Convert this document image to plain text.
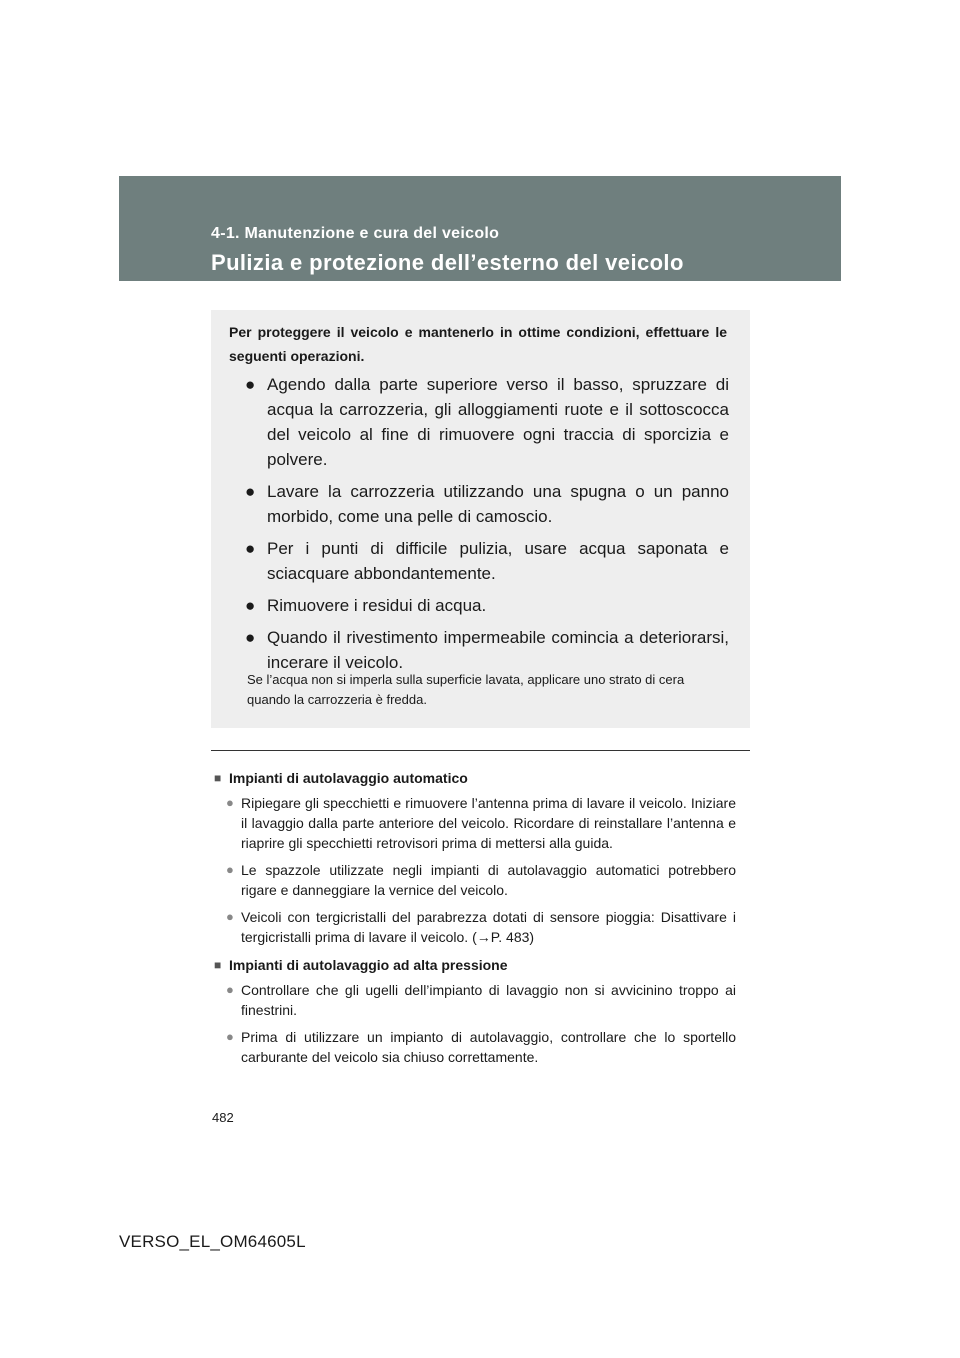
4-1. Manutenzione e cura del veicolo
Pulizia e protezione dell’esterno del veicolo
Per proteggere il veicolo e mantenerlo in ottime condizioni, effettuare le seguenti operazioni.
● Agendo dalla parte superiore verso il basso, spruzzare di acqua la carrozzeria, gli alloggiamenti ruote e il sottoscocca del veicolo al fine di rimuovere ogni traccia di sporcizia e polvere.
● Lavare la carrozzeria utilizzando una spugna o un panno morbido, come una pelle di camoscio.
● Per i punti di difficile pulizia, usare acqua saponata e sciacquare abbondantemente.
● Rimuovere i residui di acqua.
● Quando il rivestimento impermeabile comincia a deteriorarsi, incerare il veicolo.
Se l’acqua non si imperla sulla superficie lavata, applicare uno strato di cera quando la carrozzeria è fredda.
■ Impianti di autolavaggio automatico
● Ripiegare gli specchietti e rimuovere l’antenna prima di lavare il veicolo. Iniziare il lavaggio dalla parte anteriore del veicolo. Ricordare di reinstallare l’antenna e riaprire gli specchietti retrovisori prima di mettersi alla guida.
● Le spazzole utilizzate negli impianti di autolavaggio automatici potrebbero rigare e danneggiare la vernice del veicolo.
● Veicoli con tergicristalli del parabrezza dotati di sensore pioggia: Disattivare i tergicristalli prima di lavare il veicolo. (→P. 483)
■ Impianti di autolavaggio ad alta pressione
● Controllare che gli ugelli dell’impianto di lavaggio non si avvicinino troppo ai finestrini.
● Prima di utilizzare un impianto di autolavaggio, controllare che lo sportello carburante del veicolo sia chiuso correttamente.
482
VERSO_EL_OM64605L
